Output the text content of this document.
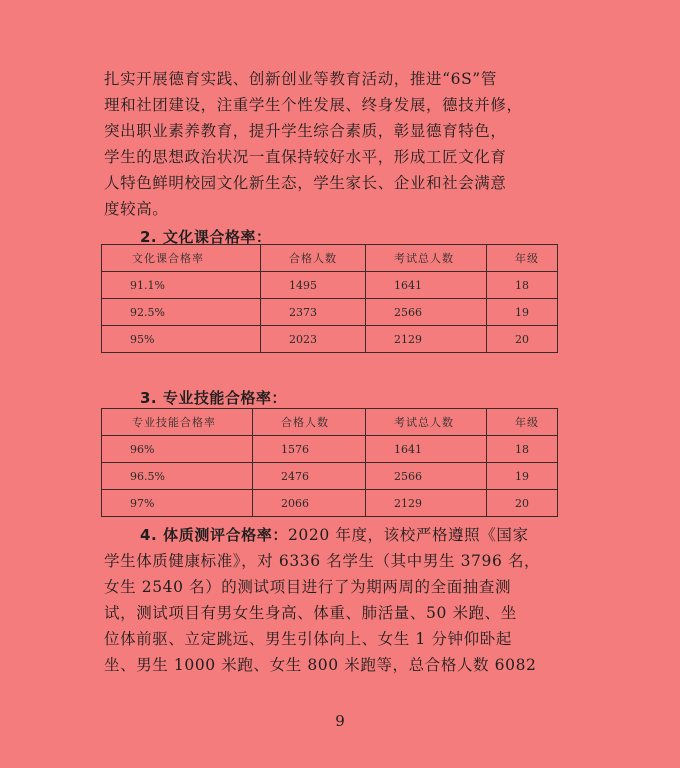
扎实开展德育实践、创新创业等教育活动，推进“6S”管
理和社团建设，注重学生个性发展、终身发展，德技并修，
突出职业素养教育，提升学生综合素质，彰显德育特色，
学生的思想政治状况一直保持较好水平，形成工匠文化育
人特色鲜明校园文化新生态，学生家长、企业和社会满意
度较高。
2. 文化课合格率：
文化课合格率	合格人数	考试总人数	年级
91.1%	1495	1641	18
92.5%	2373	2566	19
95%	2023	2129	20
3. 专业技能合格率：
专业技能合格率	合格人数	考试总人数	年级
96%	1576	1641	18
96.5%	2476	2566	19
97%	2066	2129	20
4. 体质测评合格率：2020 年度，该校严格遵照《国家
学生体质健康标准》，对 6336 名学生（其中男生 3796 名，
女生 2540 名）的测试项目进行了为期两周的全面抽查测
试，测试项目有男女生身高、体重、肺活量、50 米跑、坐
位体前驱、立定跳远、男生引体向上、女生 1 分钟仰卧起
坐、男生 1000 米跑、女生 800 米跑等，总合格人数 6082
9
